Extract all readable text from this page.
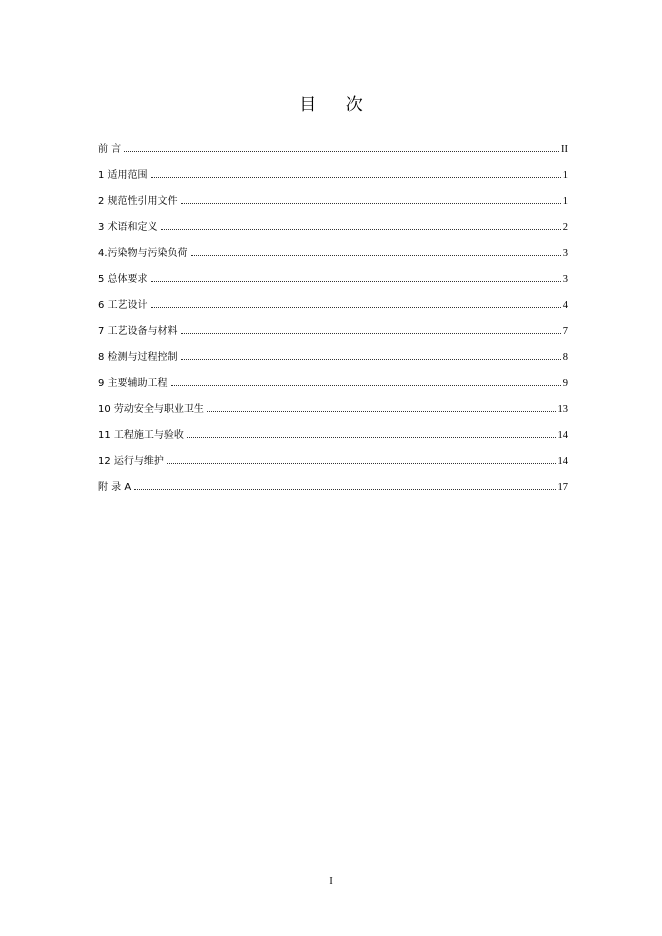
目 次
前 言	II
1 适用范围	1
2 规范性引用文件	1
3 术语和定义	2
4.污染物与污染负荷	3
5 总体要求	3
6 工艺设计	4
7 工艺设备与材料	7
8 检测与过程控制	8
9 主要辅助工程	9
10 劳动安全与职业卫生	13
11 工程施工与验收	14
12 运行与维护	14
附 录 A	17
I
